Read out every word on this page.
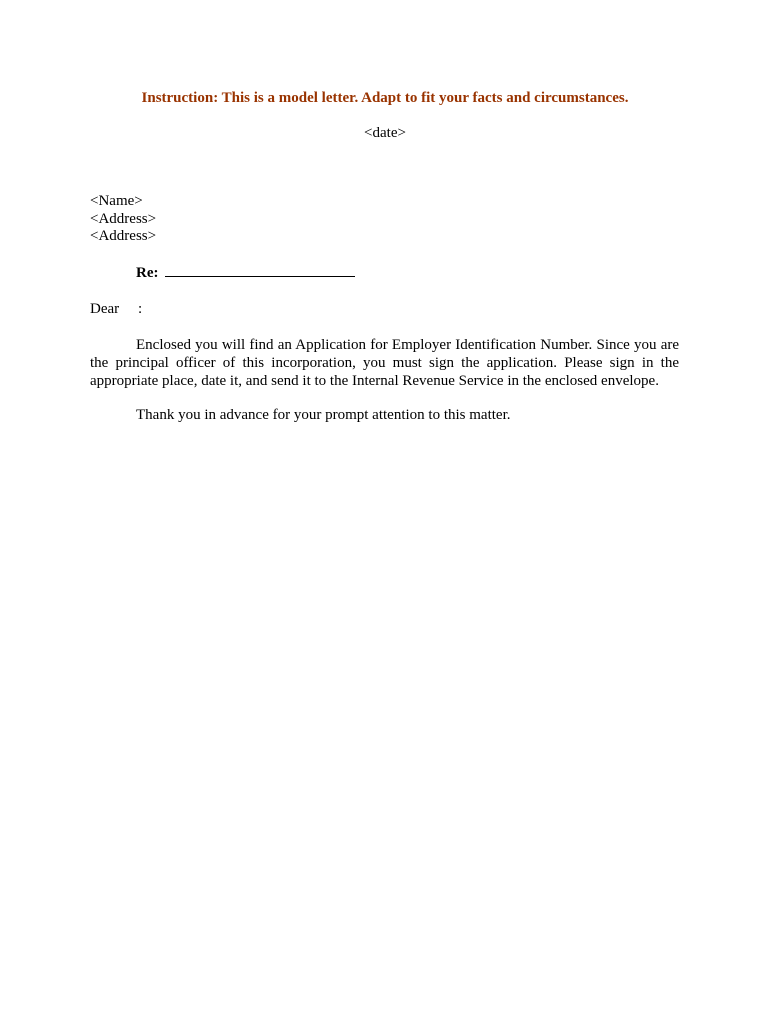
Instruction: This is a model letter. Adapt to fit your facts and circumstances.
<date>
<Name>
<Address>
<Address>
Re:
Dear :

Enclosed you will find an Application for Employer Identification Number. Since you are the principal officer of this incorporation, you must sign the application. Please sign in the appropriate place, date it, and send it to the Internal Revenue Service in the enclosed envelope.

Thank you in advance for your prompt attention to this matter.
